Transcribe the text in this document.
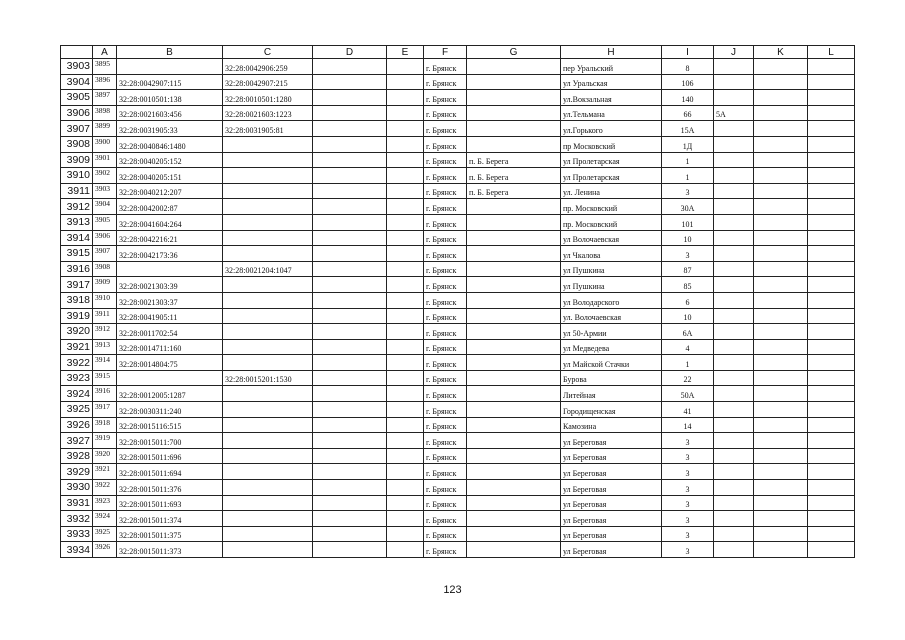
	A	B	C	D	E	F	G	H	I	J	K	L
3903	3895		32:28:0042906:259			г. Брянск		пер Уральский	8			
3904	3896	32:28:0042907:115	32:28:0042907:215			г. Брянск		ул Уральская	106			
3905	3897	32:28:0010501:138	32:28:0010501:1280			г. Брянск		ул.Вокзальная	140			
3906	3898	32:28:0021603:456	32:28:0021603:1223			г. Брянск		ул.Тельмана	66	5А		
3907	3899	32:28:0031905:33	32:28:0031905:81			г. Брянск		ул.Горького	15А			
3908	3900	32:28:0040846:1480				г. Брянск		пр Московский	1Д			
3909	3901	32:28:0040205:152				г. Брянск	п. Б. Берега	ул Пролетарская	1			
3910	3902	32:28:0040205:151				г. Брянск	п. Б. Берега	ул Пролетарская	1			
3911	3903	32:28:0040212:207				г. Брянск	п. Б. Берега	ул. Ленина	3			
3912	3904	32:28:0042002:87				г. Брянск		пр. Московский	30А			
3913	3905	32:28:0041604:264				г. Брянск		пр. Московский	101			
3914	3906	32:28:0042216:21				г. Брянск		ул Волочаевская	10			
3915	3907	32:28:0042173:36				г. Брянск		ул Чкалова	3			
3916	3908		32:28:0021204:1047			г. Брянск		ул Пушкина	87			
3917	3909	32:28:0021303:39				г. Брянск		ул Пушкина	85			
3918	3910	32:28:0021303:37				г. Брянск		ул Володарского	6			
3919	3911	32:28:0041905:11				г. Брянск		ул. Волочаевская	10			
3920	3912	32:28:0011702:54				г. Брянск		ул 50-Армии	6А			
3921	3913	32:28:0014711:160				г. Брянск		ул Медведева	4			
3922	3914	32:28:0014804:75				г. Брянск		ул Майской Стачки	1			
3923	3915		32:28:0015201:1530			г. Брянск		Бурова	22			
3924	3916	32:28:0012005:1287				г. Брянск		Литейная	50А			
3925	3917	32:28:0030311:240				г. Брянск		Городищенская	41			
3926	3918	32:28:0015116:515				г. Брянск		Камозина	14			
3927	3919	32:28:0015011:700				г. Брянск		ул Береговая	3			
3928	3920	32:28:0015011:696				г. Брянск		ул Береговая	3			
3929	3921	32:28:0015011:694				г. Брянск		ул Береговая	3			
3930	3922	32:28:0015011:376				г. Брянск		ул Береговая	3			
3931	3923	32:28:0015011:693				г. Брянск		ул Береговая	3			
3932	3924	32:28:0015011:374				г. Брянск		ул Береговая	3			
3933	3925	32:28:0015011:375				г. Брянск		ул Береговая	3			
3934	3926	32:28:0015011:373				г. Брянск		ул Береговая	3			
123
